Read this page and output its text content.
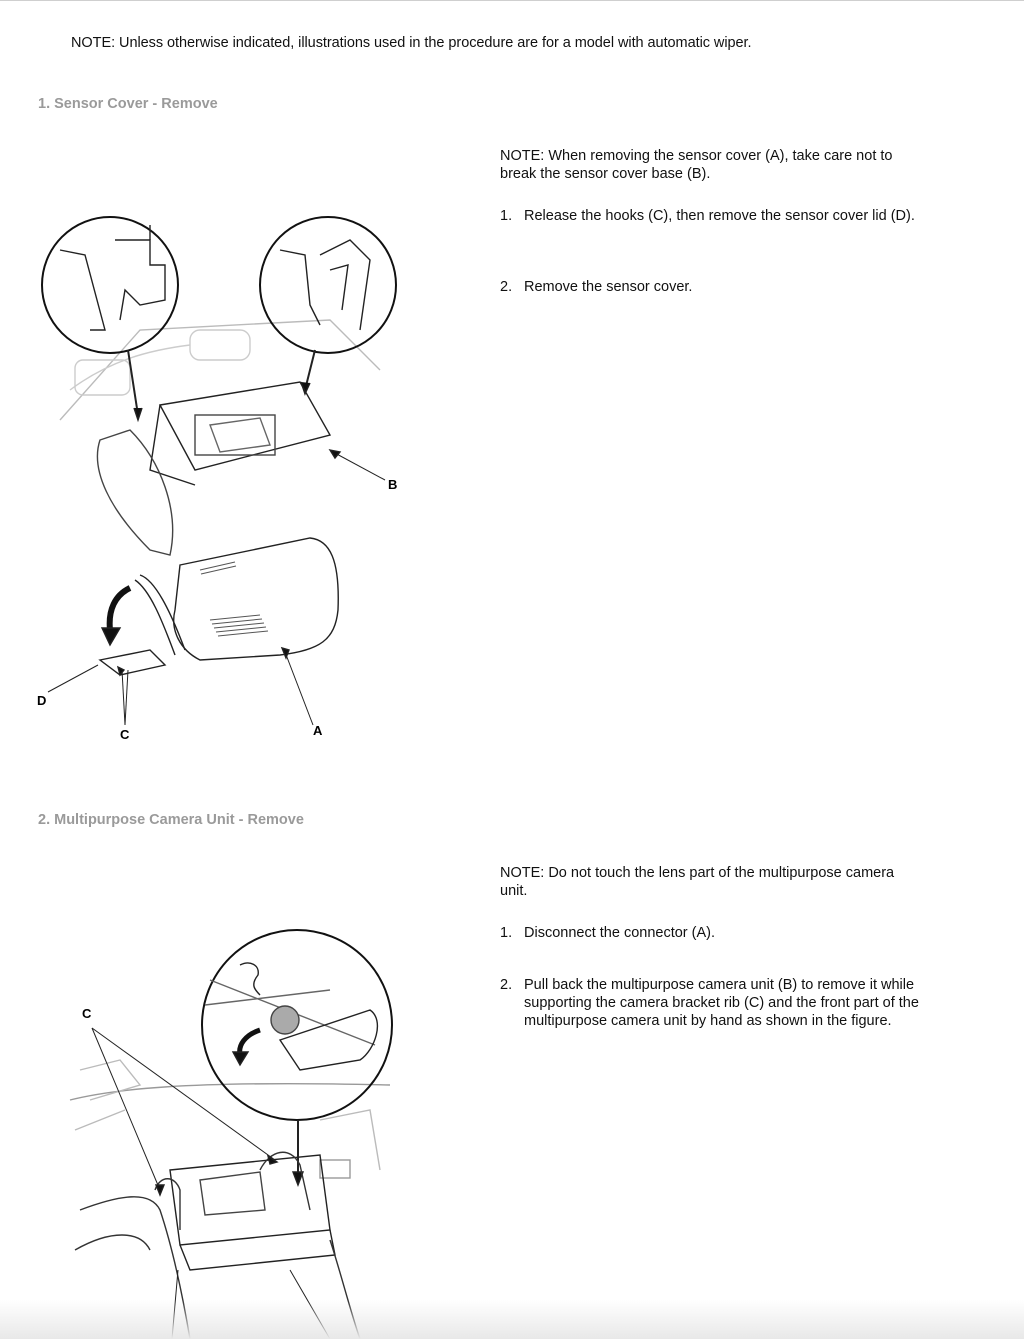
NOTE: Unless otherwise indicated, illustrations used in the procedure are for a model with automatic wiper.
1. Sensor Cover - Remove
NOTE: When removing the sensor cover (A), take care not to break the sensor cover base (B).
1. Release the hooks (C), then remove the sensor cover lid (D).
2. Remove the sensor cover.
B
A
C
D
2. Multipurpose Camera Unit - Remove
NOTE: Do not touch the lens part of the multipurpose camera unit.
1. Disconnect the connector (A).
2. Pull back the multipurpose camera unit (B) to remove it while supporting the camera bracket rib (C) and the front part of the multipurpose camera unit by hand as shown in the figure.
C
